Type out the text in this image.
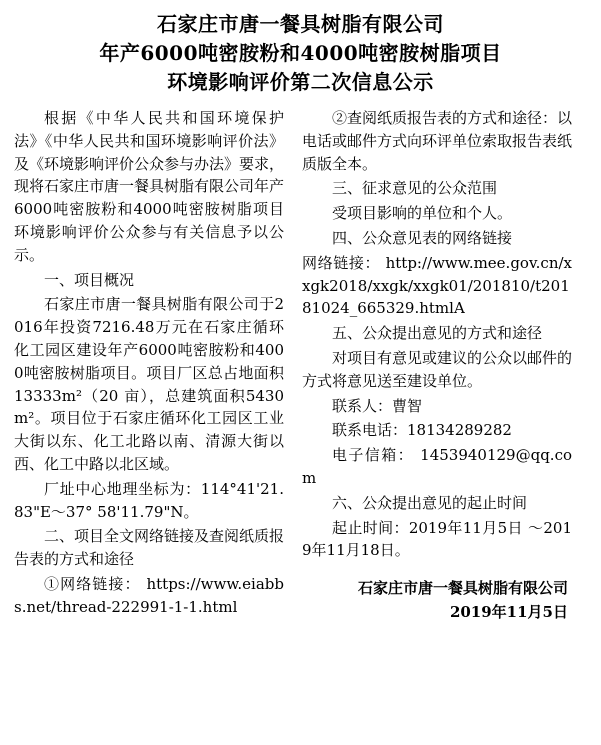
石家庄市唐一餐具树脂有限公司
年产6000吨密胺粉和4000吨密胺树脂项目
环境影响评价第二次信息公示

根据《中华人民共和国环境保护法》《中华人民共和国环境影响评价法》及《环境影响评价公众参与办法》要求，现将石家庄市唐一餐具树脂有限公司年产6000吨密胺粉和4000吨密胺树脂项目环境影响评价公众参与有关信息予以公示。

一、项目概况

石家庄市唐一餐具树脂有限公司于2016年投资7216.48万元在石家庄循环化工园区建设年产6000吨密胺粉和4000吨密胺树脂项目。项目厂区总占地面积13333m²（20 亩），总建筑面积5430m²。项目位于石家庄循环化工园区工业大街以东、化工北路以南、清源大街以西、化工中路以北区域。

厂址中心地理坐标为：114°41'21.83"E～37° 58'11.79"N。

二、项目全文网络链接及查阅纸质报告表的方式和途径

①网络链接： https://www.eiabbs.net/thread-222991-1-1.html

②查阅纸质报告表的方式和途径：以电话或邮件方式向环评单位索取报告表纸质版全本。

三、征求意见的公众范围

受项目影响的单位和个人。

四、公众意见表的网络链接

网络链接： http://www.mee.gov.cn/xxgk2018/xxgk/xxgk01/201810/t20181024_665329.htmlA

五、公众提出意见的方式和途径

对项目有意见或建议的公众以邮件的方式将意见送至建设单位。

联系人：曹智

联系电话：18134289282

电子信箱： 1453940129@qq.com

六、公众提出意见的起止时间

起止时间：2019年11月5日 ～2019年11月18日。

石家庄市唐一餐具树脂有限公司
2019年11月5日
